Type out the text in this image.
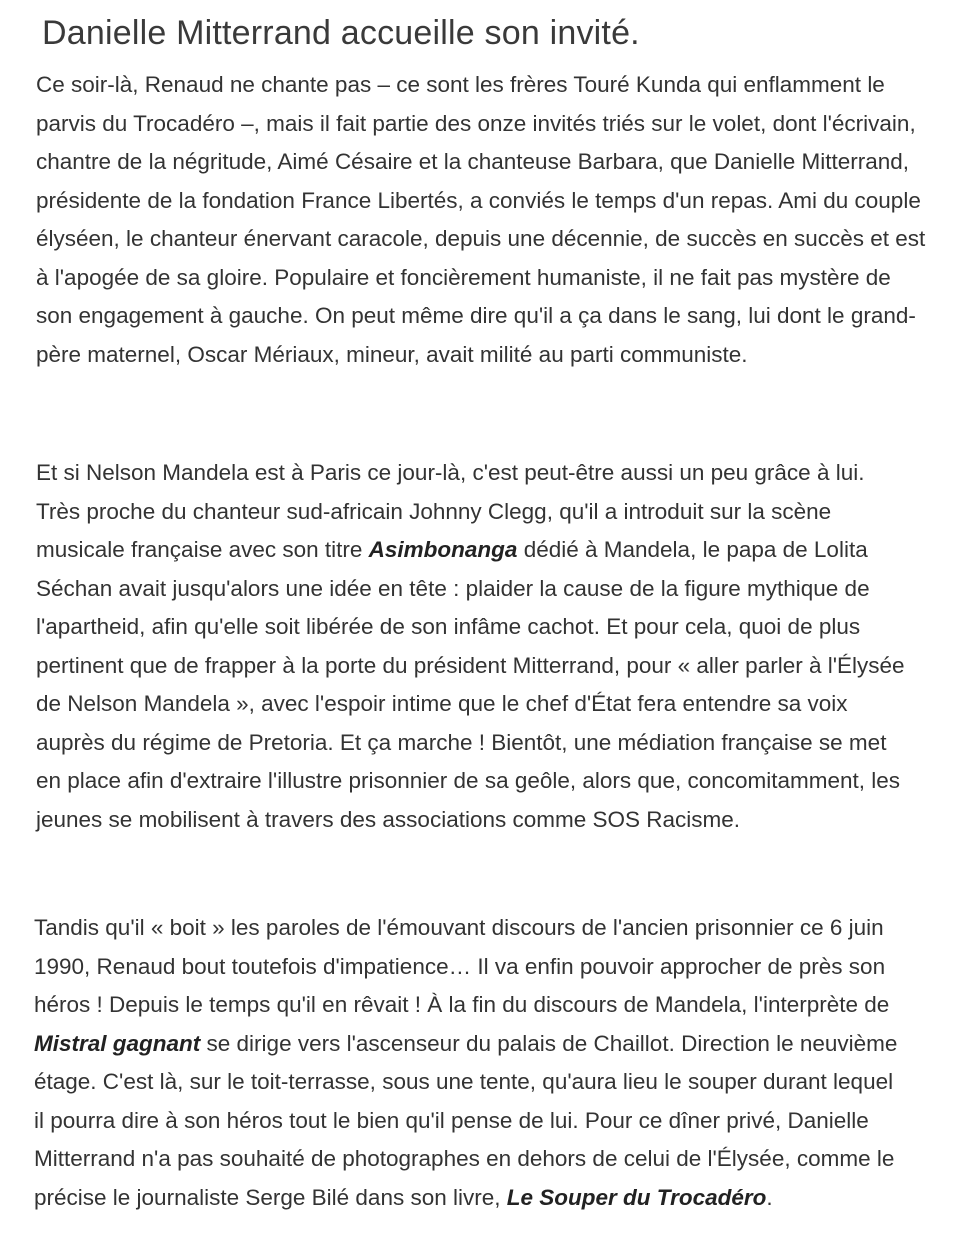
Danielle Mitterrand accueille son invité.

Ce soir-là, Renaud ne chante pas – ce sont les frères Touré Kunda qui enflamment le parvis du Trocadéro –, mais il fait partie des onze invités triés sur le volet, dont l'écrivain, chantre de la négritude, Aimé Césaire et la chanteuse Barbara, que Danielle Mitterrand, présidente de la fondation France Libertés, a conviés le temps d'un repas. Ami du couple élyséen, le chanteur énervant caracole, depuis une décennie, de succès en succès et est à l'apogée de sa gloire. Populaire et foncièrement humaniste, il ne fait pas mystère de son engagement à gauche. On peut même dire qu'il a ça dans le sang, lui dont le grand-père maternel, Oscar Mériaux, mineur, avait milité au parti communiste.

Et si Nelson Mandela est à Paris ce jour-là, c'est peut-être aussi un peu grâce à lui. Très proche du chanteur sud-africain Johnny Clegg, qu'il a introduit sur la scène musicale française avec son titre Asimbonanga dédié à Mandela, le papa de Lolita Séchan avait jusqu'alors une idée en tête : plaider la cause de la figure mythique de l'apartheid, afin qu'elle soit libérée de son infâme cachot. Et pour cela, quoi de plus pertinent que de frapper à la porte du président Mitterrand, pour « aller parler à l'Élysée de Nelson Mandela », avec l'espoir intime que le chef d'État fera entendre sa voix auprès du régime de Pretoria. Et ça marche ! Bientôt, une médiation française se met en place afin d'extraire l'illustre prisonnier de sa geôle, alors que, concomitamment, les jeunes se mobilisent à travers des associations comme SOS Racisme.

Tandis qu'il « boit » les paroles de l'émouvant discours de l'ancien prisonnier ce 6 juin 1990, Renaud bout toutefois d'impatience… Il va enfin pouvoir approcher de près son héros ! Depuis le temps qu'il en rêvait ! À la fin du discours de Mandela, l'interprète de Mistral gagnant se dirige vers l'ascenseur du palais de Chaillot. Direction le neuvième étage. C'est là, sur le toit-terrasse, sous une tente, qu'aura lieu le souper durant lequel il pourra dire à son héros tout le bien qu'il pense de lui. Pour ce dîner privé, Danielle Mitterrand n'a pas souhaité de photographes en dehors de celui de l'Élysée, comme le précise le journaliste Serge Bilé dans son livre, Le Souper du Trocadéro.
